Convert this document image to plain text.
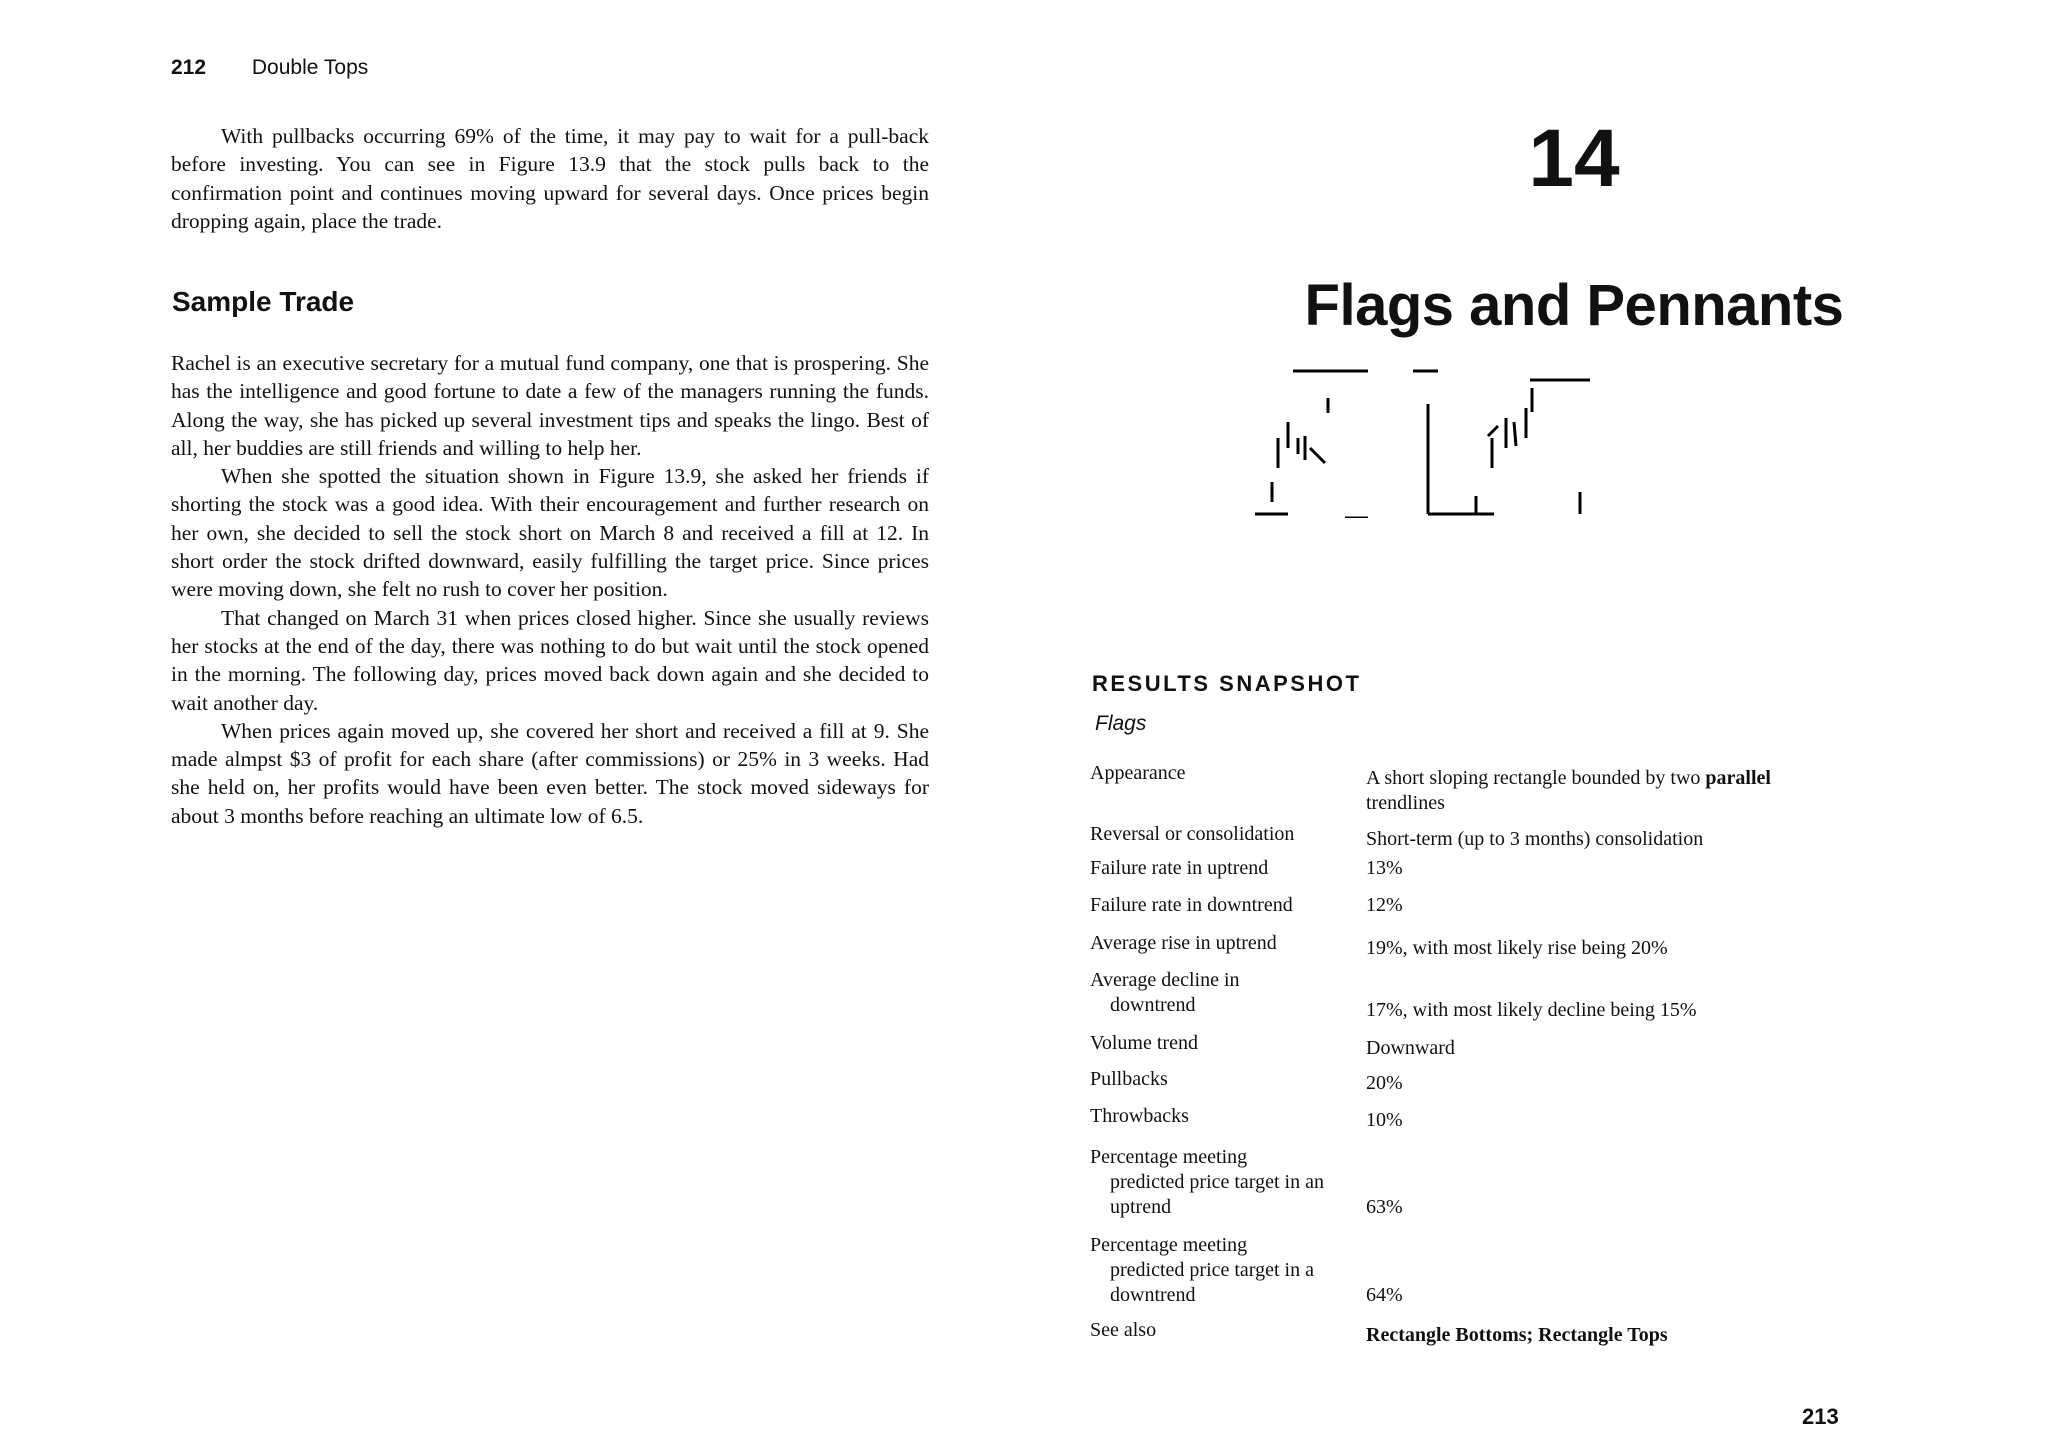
212 Double Tops

With pullbacks occurring 69% of the time, it may pay to wait for a pull-back before investing. You can see in Figure 13.9 that the stock pulls back to the confirmation point and continues moving upward for several days. Once prices begin dropping again, place the trade.

Sample Trade

Rachel is an executive secretary for a mutual fund company, one that is prospering. She has the intelligence and good fortune to date a few of the managers running the funds. Along the way, she has picked up several investment tips and speaks the lingo. Best of all, her buddies are still friends and willing to help her.

When she spotted the situation shown in Figure 13.9, she asked her friends if shorting the stock was a good idea. With their encouragement and further research on her own, she decided to sell the stock short on March 8 and received a fill at 12. In short order the stock drifted downward, easily fulfilling the target price. Since prices were moving down, she felt no rush to cover her position.

That changed on March 31 when prices closed higher. Since she usually reviews her stocks at the end of the day, there was nothing to do but wait until the stock opened in the morning. The following day, prices moved back down again and she decided to wait another day.

When prices again moved up, she covered her short and received a fill at 9. She made almpst $3 of profit for each share (after commissions) or 25% in 3 weeks. Had she held on, her profits would have been even better. The stock moved sideways for about 3 months before reaching an ultimate low of 6.5.

14
Flags and Pennants
RESULTS SNAPSHOT
Flags
Appearance	A short sloping rectangle bounded by two parallel
trendlines
Reversal or consolidation	Short-term (up to 3 months) consolidation
Failure rate in uptrend	13%
Failure rate in downtrend	12%
Average rise in uptrend	19%, with most likely rise being 20%
Average decline in
downtrend	17%, with most likely decline being 15%
Volume trend	Downward
Pullbacks	20%
Throwbacks	10%
Percentage meeting
predicted price target in an uptrend	63%
Percentage meeting
predicted price target in a downtrend	64%
See also	Rectangle Bottoms; Rectangle Tops
213
